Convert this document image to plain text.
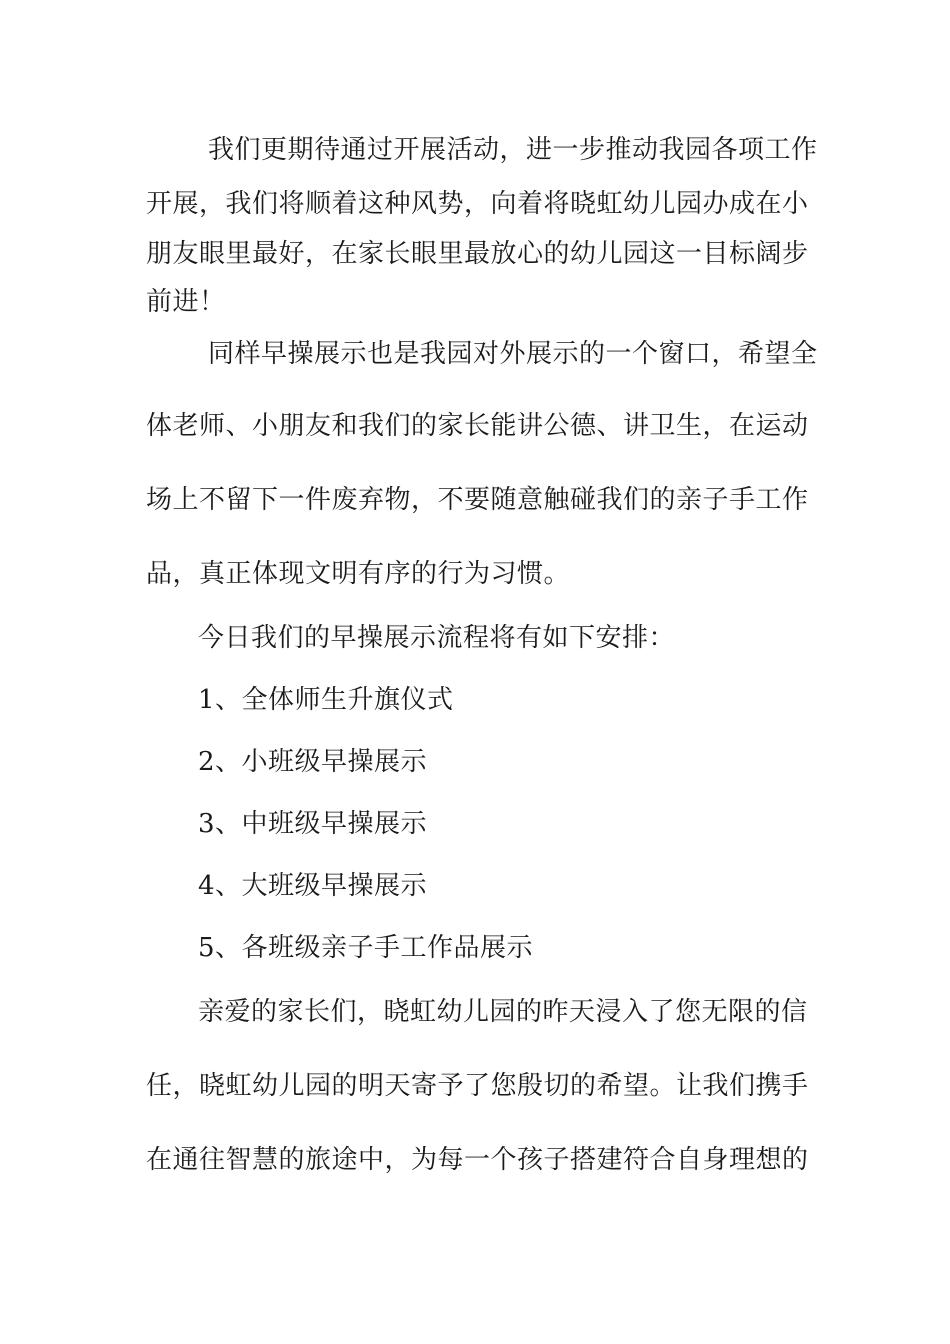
我们更期待通过开展活动，进一步推动我园各项工作
开展，我们将顺着这种风势，向着将晓虹幼儿园办成在小
朋友眼里最好，在家长眼里最放心的幼儿园这一目标阔步
前进！
同样早操展示也是我园对外展示的一个窗口，希望全
体老师、小朋友和我们的家长能讲公德、讲卫生，在运动
场上不留下一件废弃物，不要随意触碰我们的亲子手工作
品，真正体现文明有序的行为习惯。
今日我们的早操展示流程将有如下安排：
1、全体师生升旗仪式
2、小班级早操展示
3、中班级早操展示
4、大班级早操展示
5、各班级亲子手工作品展示
亲爱的家长们，晓虹幼儿园的昨天浸入了您无限的信
任，晓虹幼儿园的明天寄予了您殷切的希望。让我们携手
在通往智慧的旅途中，为每一个孩子搭建符合自身理想的
